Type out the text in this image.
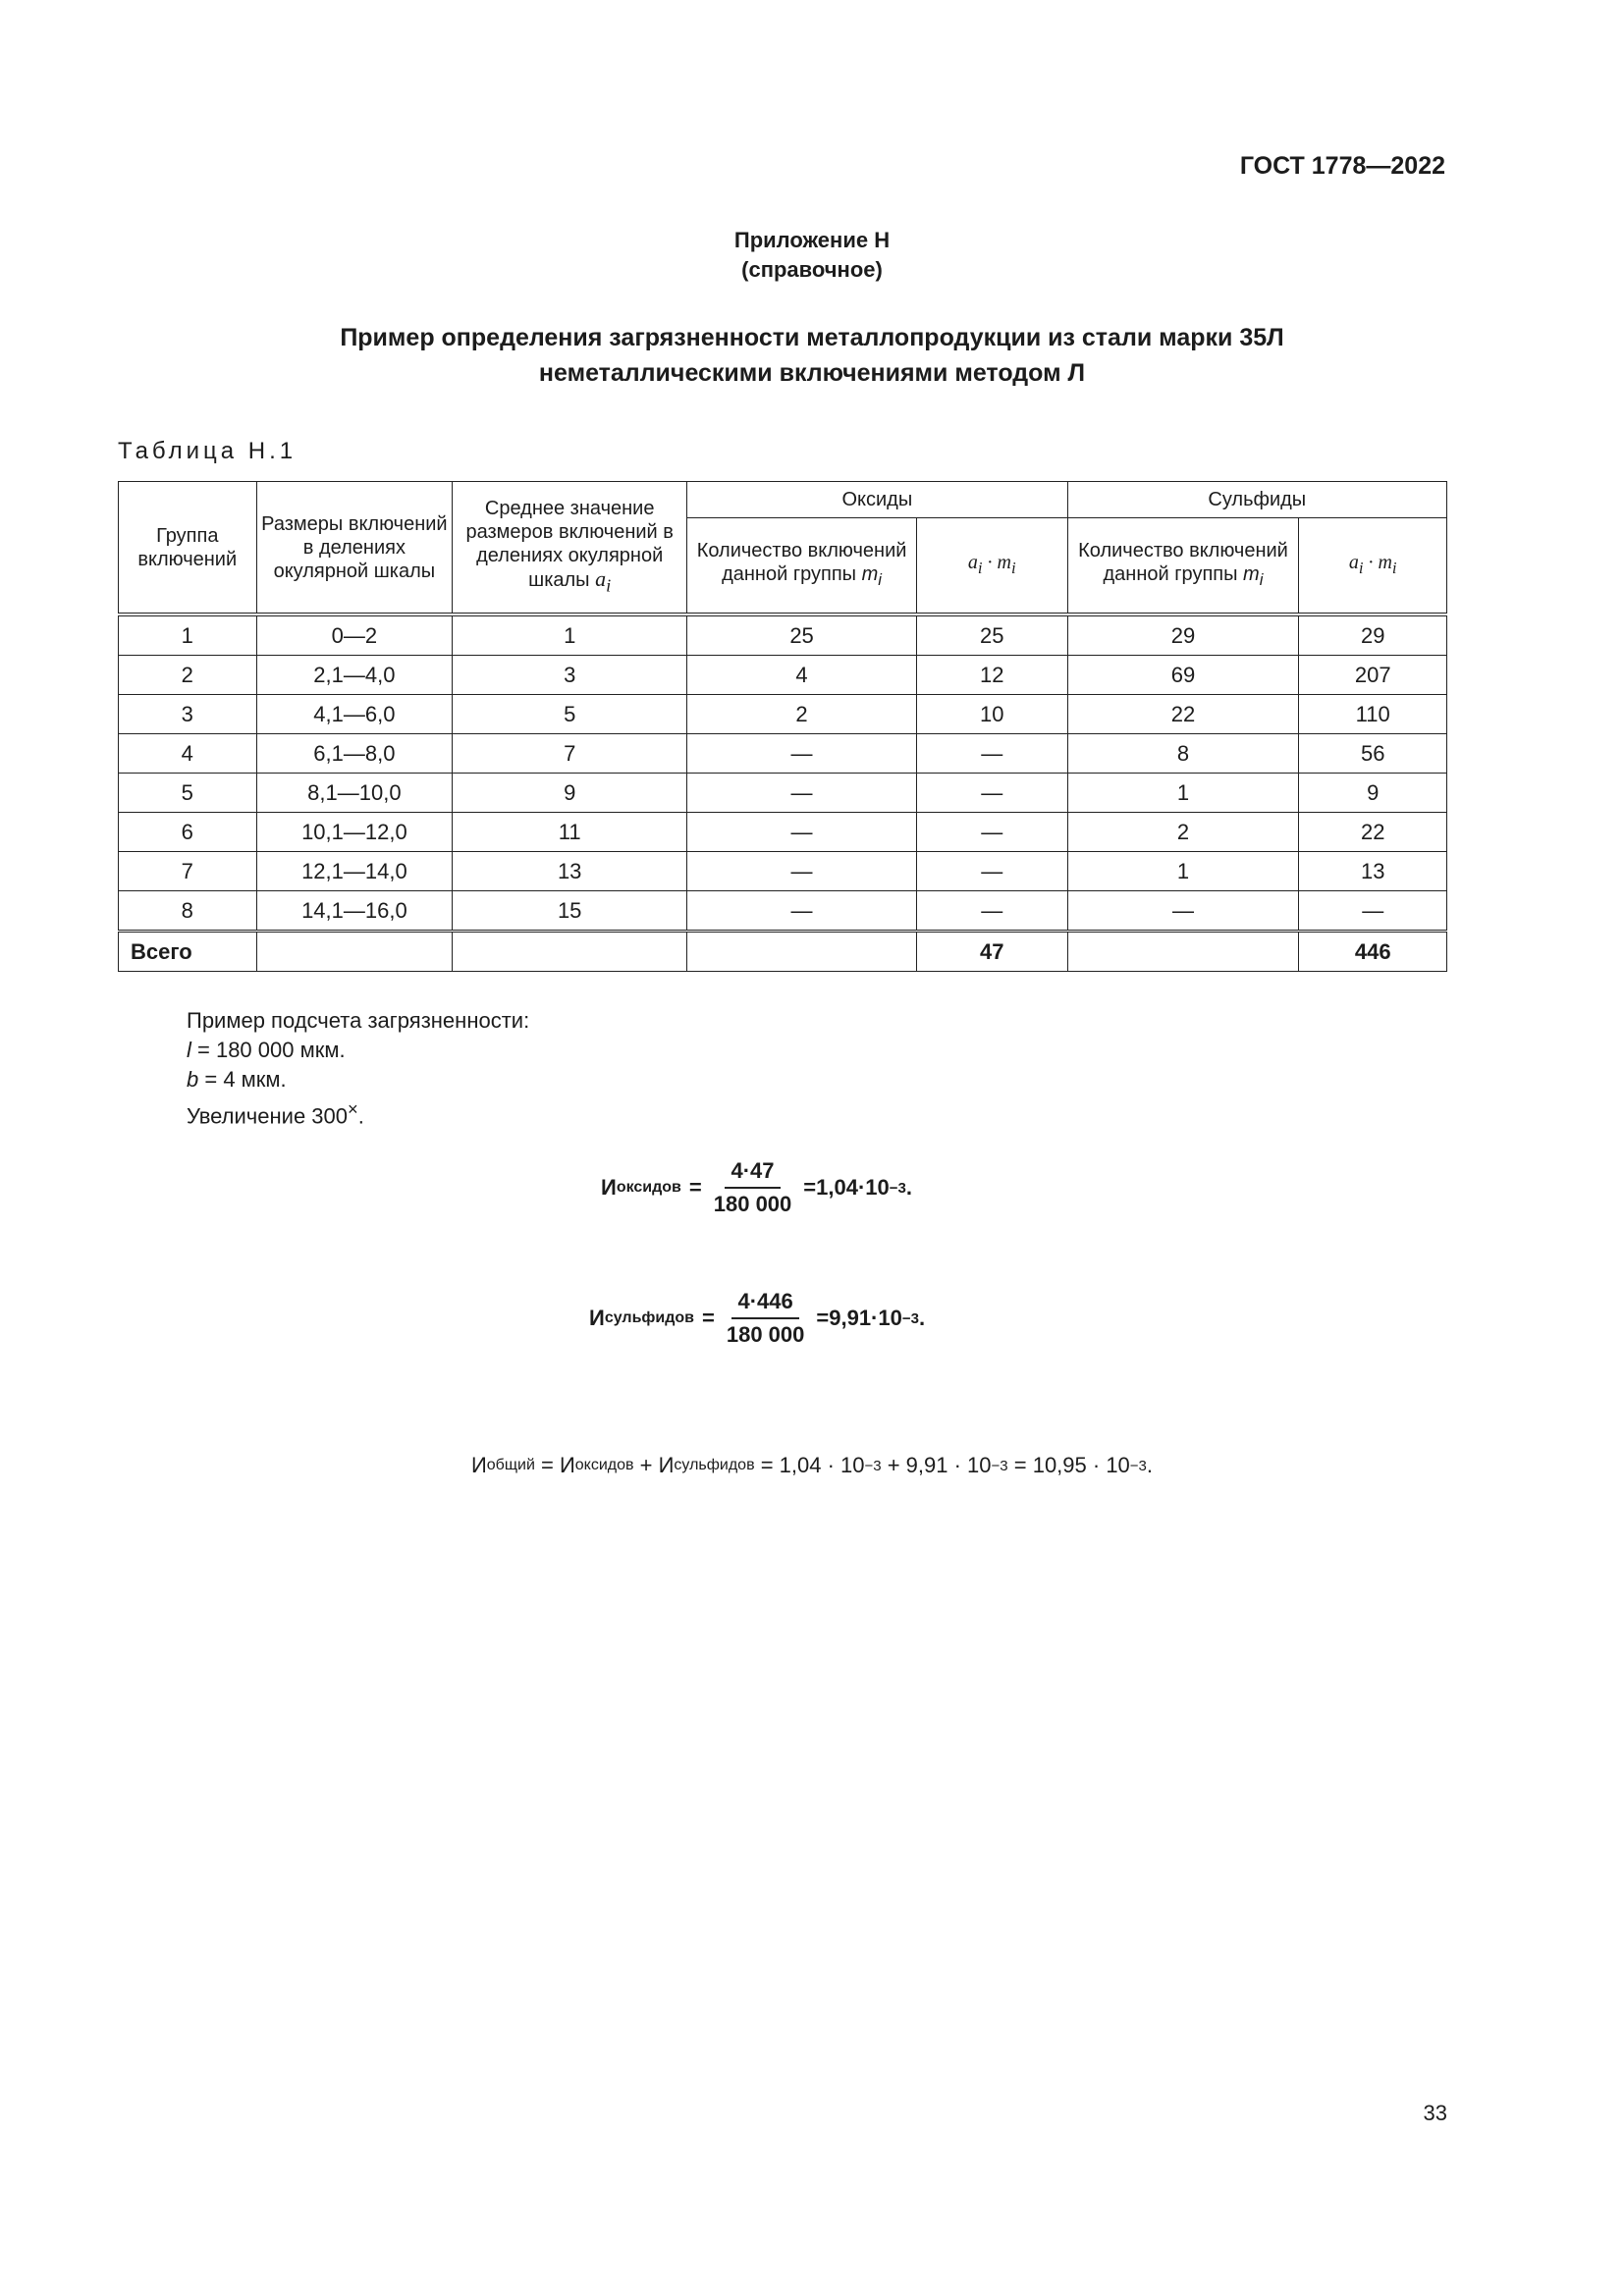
ГОСТ 1778—2022
Приложение Н
(справочное)
Пример определения загрязненности металлопродукции из стали марки 35Л
неметаллическими включениями методом Л
Таблица Н.1
Группа включений	Размеры включений в делениях окулярной шкалы	Среднее значение размеров включений в делениях окулярной шкалы $a_i$	Оксиды		Сульфиды	
			Количество включений данной группы $m_i$	$a_i \cdot m_i$	Количество включений данной группы $m_i$	$a_i \cdot m_i$
1	0—2	1	25	25	29	29
2	2,1—4,0	3	4	12	69	207
3	4,1—6,0	5	2	10	22	110
4	6,1—8,0	7	—	—	8	56
5	8,1—10,0	9	—	—	1	9
6	10,1—12,0	11	—	—	2	22
7	12,1—14,0	13	—	—	1	13
8	14,1—16,0	15	—	—	—	—
Всего				47		446
Пример подсчета загрязненности:
l = 180 000 мкм.
b = 4 мкм.
Увеличение 300×.
И оксидов = $\frac{4\cdot 47}{180 000} =1,04\cdot 10 -3$ .
И сульфидов = $\frac{4\cdot 446}{180 000} =9,91\cdot 10 -3$ .
И общий = И оксидов + И сульфидов = 1,04 · 10 −3 + 9,91 · 10 −3 = 10,95 · 10 −3 .
33
